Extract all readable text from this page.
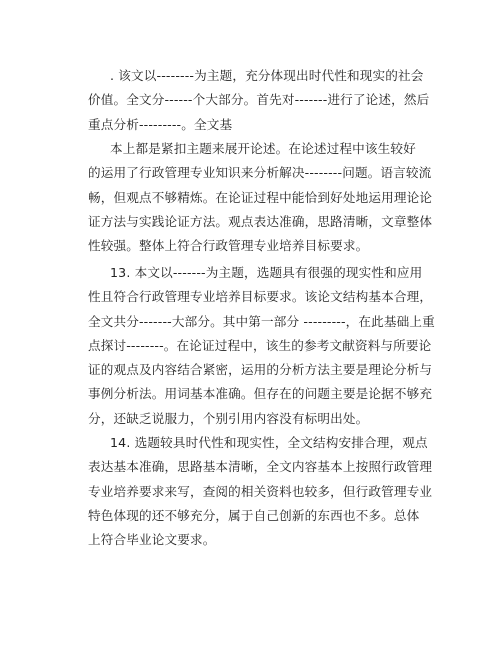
. 该文以--------为主题，充分体现出时代性和现实的社会
价值。全文分------个大部分。首先对-------进行了论述，然后
重点分析---------。全文基
本上都是紧扣主题来展开论述。在论述过程中该生较好
的运用了行政管理专业知识来分析解决--------问题。语言较流
畅，但观点不够精炼。在论证过程中能恰到好处地运用理论论
证方法与实践论证方法。观点表达准确，思路清晰，文章整体
性较强。整体上符合行政管理专业培养目标要求。
13. 本文以-------为主题，选题具有很强的现实性和应用
性且符合行政管理专业培养目标要求。该论文结构基本合理，
全文共分-------大部分。其中第一部分 ---------，在此基础上重
点探讨--------。在论证过程中，该生的参考文献资料与所要论
证的观点及内容结合紧密，运用的分析方法主要是理论分析与
事例分析法。用词基本准确。但存在的问题主要是论据不够充
分，还缺乏说服力，个别引用内容没有标明出处。
14. 选题较具时代性和现实性，全文结构安排合理，观点
表达基本准确，思路基本清晰，全文内容基本上按照行政管理
专业培养要求来写，查阅的相关资料也较多，但行政管理专业
特色体现的还不够充分，属于自己创新的东西也不多。总体
上符合毕业论文要求。
